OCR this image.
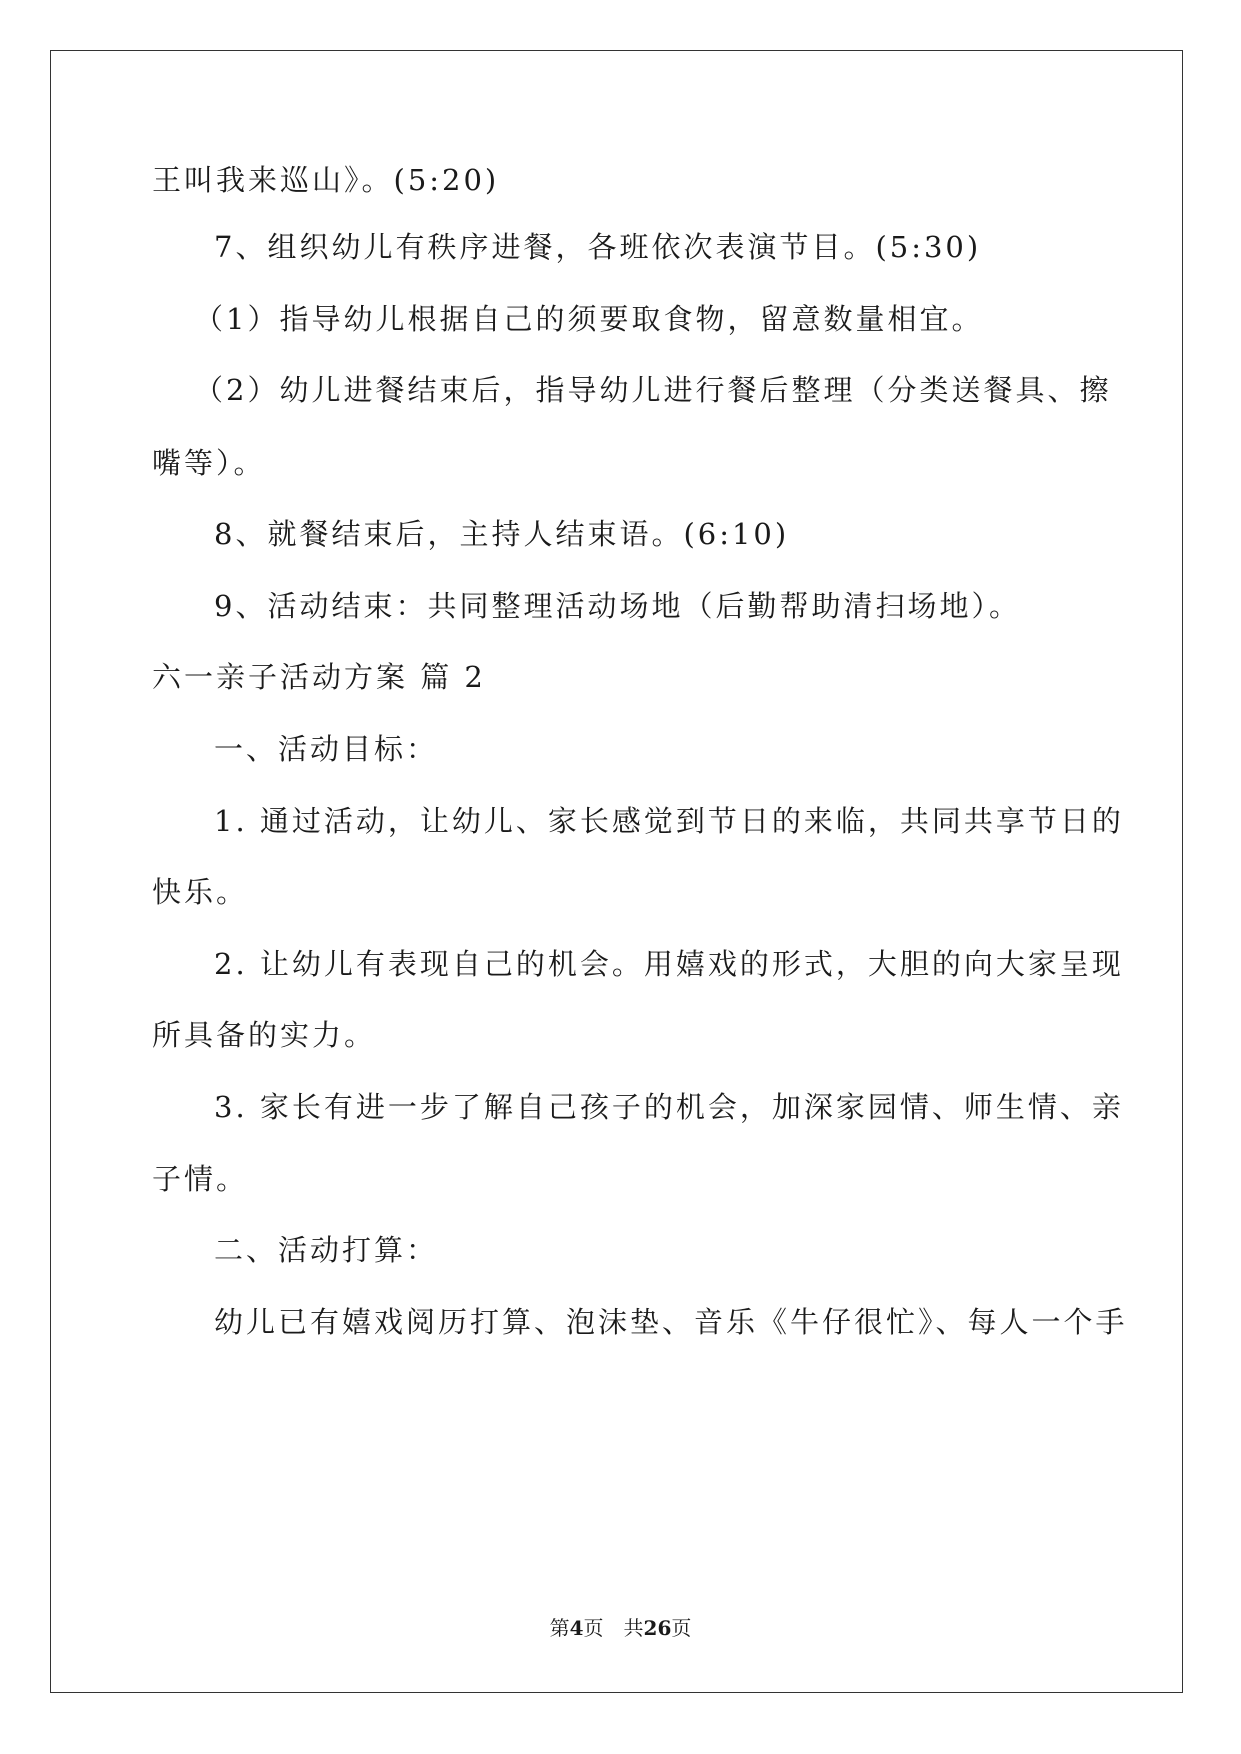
王叫我来巡山》。(5:20)
7、组织幼儿有秩序进餐，各班依次表演节目。(5:30)
（1）指导幼儿根据自己的须要取食物，留意数量相宜。
（2）幼儿进餐结束后，指导幼儿进行餐后整理（分类送餐具、擦
嘴等）。
8、就餐结束后，主持人结束语。(6:10)
9、活动结束：共同整理活动场地（后勤帮助清扫场地）。
六一亲子活动方案 篇 2
一、活动目标：
1. 通过活动，让幼儿、家长感觉到节日的来临，共同共享节日的
快乐。
2. 让幼儿有表现自己的机会。用嬉戏的形式，大胆的向大家呈现
所具备的实力。
3. 家长有进一步了解自己孩子的机会，加深家园情、师生情、亲
子情。
二、活动打算：
幼儿已有嬉戏阅历打算、泡沫垫、音乐《牛仔很忙》、每人一个手
第4页　共26页
